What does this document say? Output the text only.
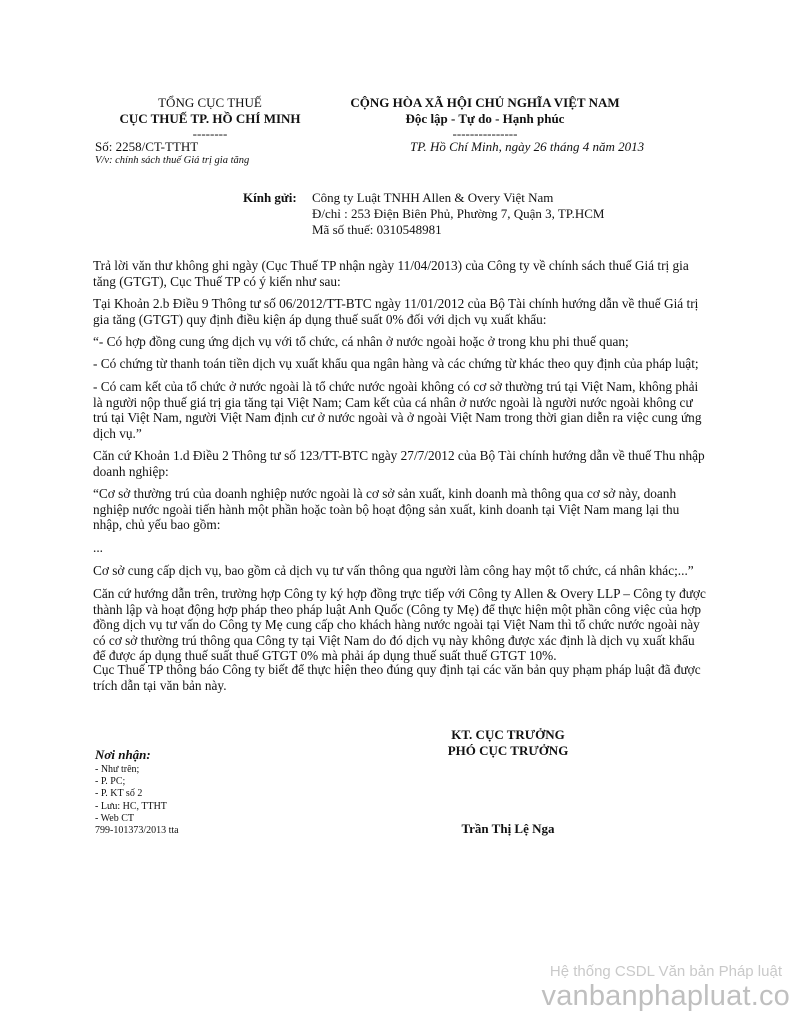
TỔNG CỤC THUẾ
CỤC THUẾ TP. HỒ CHÍ MINH
--------
Số: 2258/CT-TTHT
V/v: chính sách thuế Giá trị gia tăng
CỘNG HÒA XÃ HỘI CHỦ NGHĨA VIỆT NAM
Độc lập - Tự do - Hạnh phúc
---------------
TP. Hồ Chí Minh, ngày 26 tháng 4 năm 2013
Kính gửi: Công ty Luật TNHH Allen & Overy Việt Nam
Đ/chỉ : 253 Điện Biên Phủ, Phường 7, Quận 3, TP.HCM
Mã số thuế: 0310548981

Trả lời văn thư không ghi ngày (Cục Thuế TP nhận ngày 11/04/2013) của Công ty về chính sách thuế Giá trị gia tăng (GTGT), Cục Thuế TP có ý kiến như sau:

Tại Khoản 2.b Điều 9 Thông tư số 06/2012/TT-BTC ngày 11/01/2012 của Bộ Tài chính hướng dẫn về thuế Giá trị gia tăng (GTGT) quy định điều kiện áp dụng thuế suất 0% đối với dịch vụ xuất khẩu:

“- Có hợp đồng cung ứng dịch vụ với tổ chức, cá nhân ở nước ngoài hoặc ở trong khu phi thuế quan;

- Có chứng từ thanh toán tiền dịch vụ xuất khẩu qua ngân hàng và các chứng từ khác theo quy định của pháp luật;

- Có cam kết của tổ chức ở nước ngoài là tổ chức nước ngoài không có cơ sở thường trú tại Việt Nam, không phải là người nộp thuế giá trị gia tăng tại Việt Nam; Cam kết của cá nhân ở nước ngoài là người nước ngoài không cư trú tại Việt Nam, người Việt Nam định cư ở nước ngoài và ở ngoài Việt Nam trong thời gian diễn ra việc cung ứng dịch vụ.”

Căn cứ Khoản 1.d Điều 2 Thông tư số 123/TT-BTC ngày 27/7/2012 của Bộ Tài chính hướng dẫn về thuế Thu nhập doanh nghiệp:

“Cơ sở thường trú của doanh nghiệp nước ngoài là cơ sở sản xuất, kinh doanh mà thông qua cơ sở này, doanh nghiệp nước ngoài tiến hành một phần hoặc toàn bộ hoạt động sản xuất, kinh doanh tại Việt Nam mang lại thu nhập, chủ yếu bao gồm:

...

Cơ sở cung cấp dịch vụ, bao gồm cả dịch vụ tư vấn thông qua người làm công hay một tổ chức, cá nhân khác;...”

Căn cứ hướng dẫn trên, trường hợp Công ty ký hợp đồng trực tiếp với Công ty Allen & Overy LLP – Công ty được thành lập và hoạt động hợp pháp theo pháp luật Anh Quốc (Công ty Mẹ) để thực hiện một phần công việc của hợp đồng dịch vụ tư vấn do Công ty Mẹ cung cấp cho khách hàng nước ngoài tại Việt Nam thì tổ chức nước ngoài này có cơ sở thường trú thông qua Công ty tại Việt Nam do đó dịch vụ này không được xác định là dịch vụ xuất khẩu để được áp dụng thuế suất thuế GTGT 0% mà phải áp dụng thuế suất thuế GTGT 10%.

Cục Thuế TP thông báo Công ty biết để thực hiện theo đúng quy định tại các văn bản quy phạm pháp luật đã được trích dẫn tại văn bản này.

KT. CỤC TRƯỞNG
PHÓ CỤC TRƯỞNG
Trần Thị Lệ Nga
Nơi nhận:
- Như trên;
- P. PC;
- P. KT số 2
- Lưu: HC, TTHT
- Web CT
799-101373/2013 tta
Hệ thống CSDL Văn bản Pháp luật
vanbanphapluat.co
